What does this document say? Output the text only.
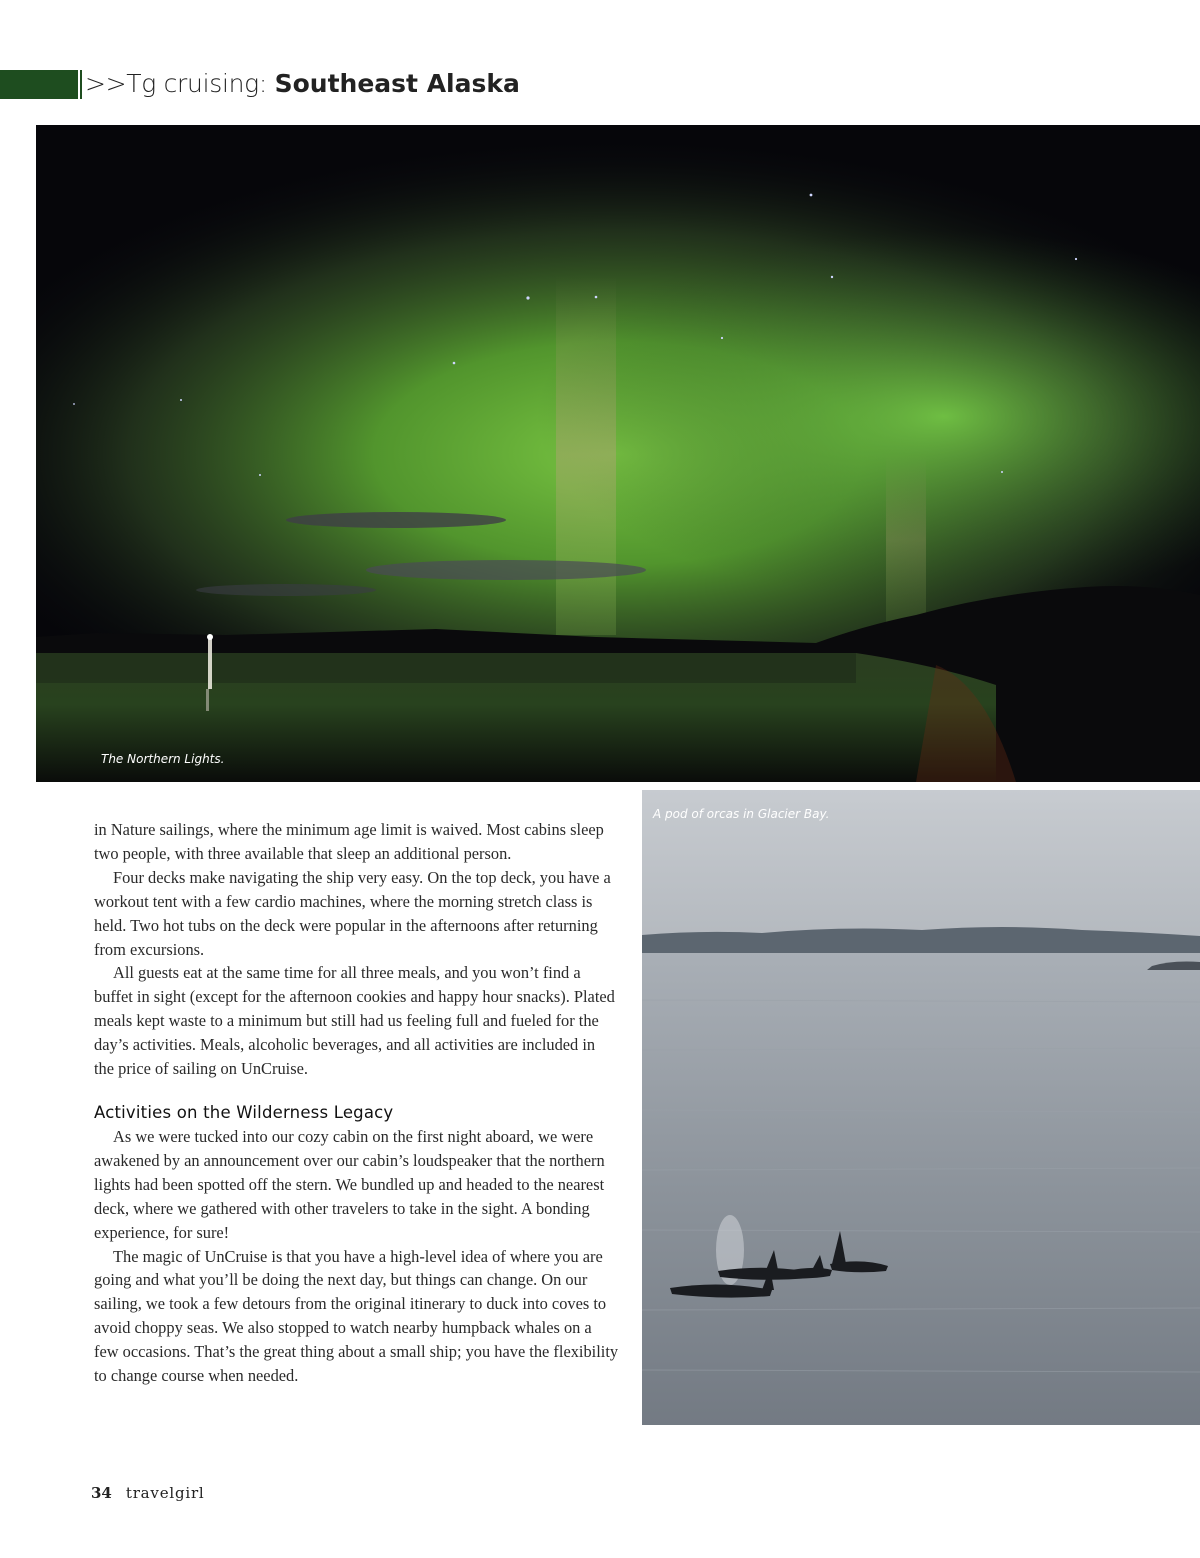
>>Tg cruising: Southeast Alaska
The Northern Lights.
A pod of orcas in Glacier Bay.

in Nature sailings, where the minimum age limit is waived. Most cabins sleep two people, with three available that sleep an additional person.

Four decks make navigating the ship very easy. On the top deck, you have a workout tent with a few cardio machines, where the morning stretch class is held. Two hot tubs on the deck were popular in the afternoons after returning from excursions.

All guests eat at the same time for all three meals, and you won’t find a buffet in sight (except for the afternoon cookies and happy hour snacks). Plated meals kept waste to a minimum but still had us feeling full and fueled for the day’s activities. Meals, alcoholic beverages, and all activities are included in the price of sailing on UnCruise.

Activities on the Wilderness Legacy

As we were tucked into our cozy cabin on the first night aboard, we were awakened by an announcement over our cabin’s loudspeaker that the northern lights had been spotted off the stern. We bundled up and headed to the nearest deck, where we gathered with other travelers to take in the sight. A bonding experience, for sure!

The magic of UnCruise is that you have a high-level idea of where you are going and what you’ll be doing the next day, but things can change. On our sailing, we took a few detours from the original itinerary to duck into coves to avoid choppy seas. We also stopped to watch nearby humpback whales on a few occasions. That’s the great thing about a small ship; you have the flexibility to change course when needed.

34 travelgirl
